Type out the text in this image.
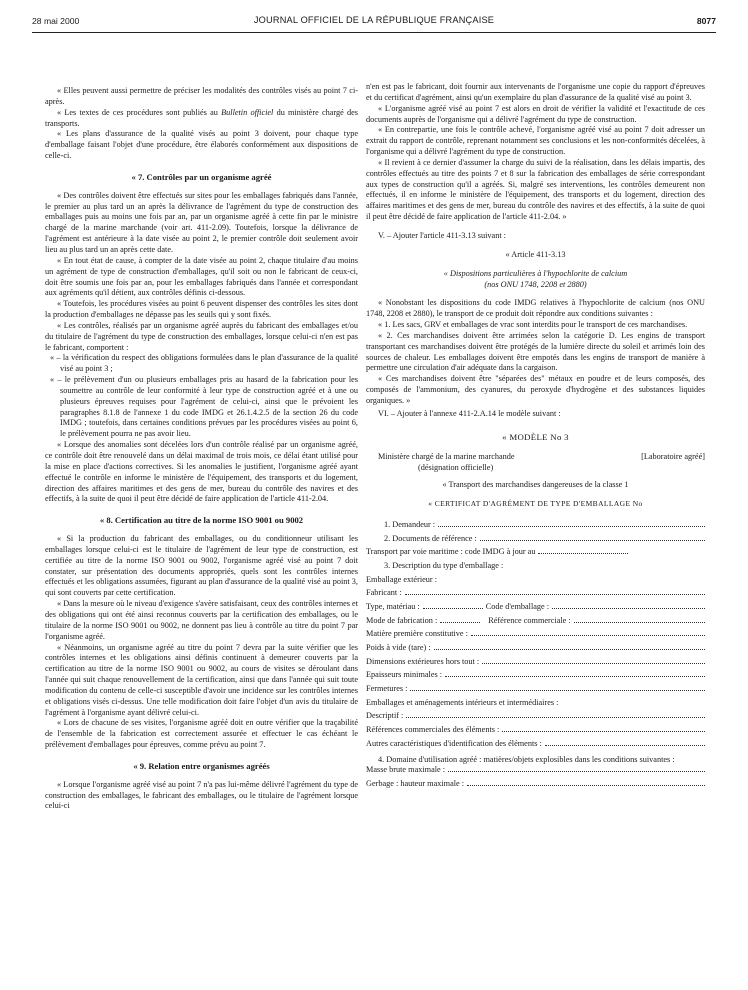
28 mai 2000	JOURNAL OFFICIEL DE LA RÉPUBLIQUE FRANÇAISE	8077

« Elles peuvent aussi permettre de préciser les modalités des contrôles visés au point 7 ci-après.

« Les textes de ces procédures sont publiés au Bulletin officiel du ministère chargé des transports.

« Les plans d'assurance de la qualité visés au point 3 doivent, pour chaque type d'emballage faisant l'objet d'une procédure, être élaborés conformément aux dispositions de celle-ci.

« 7. Contrôles par un organisme agréé

« Des contrôles doivent être effectués sur sites pour les emballages fabriqués dans l'année, le premier au plus tard un an après la délivrance de l'agrément du type de construction des emballages puis au moins une fois par an, par un organisme agréé à cette fin par le ministre chargé de la marine marchande (voir art. 411-2.09). Toutefois, lorsque la délivrance de l'agrément est antérieure à la date visée au point 2, le premier contrôle doit seulement avoir lieu au plus tard un an après cette date.

« En tout état de cause, à compter de la date visée au point 2, chaque titulaire d'au moins un agrément de type de construction d'emballages, qu'il soit ou non le fabricant de ceux-ci, doit être soumis une fois par an, pour les emballages fabriqués dans l'année et correspondant aux agréments qu'il détient, aux contrôles définis ci-dessous.

« Toutefois, les procédures visées au point 6 peuvent dispenser des contrôles les sites dont la production d'emballages ne dépasse pas les seuils qui y sont fixés.

« Les contrôles, réalisés par un organisme agréé auprès du fabricant des emballages et/ou du titulaire de l'agrément du type de construction des emballages, lorsque celui-ci n'en est pas le fabricant, comportent :

« – la vérification du respect des obligations formulées dans le plan d'assurance de la qualité visé au point 3 ;

« – le prélèvement d'un ou plusieurs emballages pris au hasard de la fabrication pour les soumettre au contrôle de leur conformité à leur type de construction agréé et à une ou plusieurs épreuves requises pour l'agrément de celui-ci, ainsi que le prévoient les paragraphes 8.1.8 de l'annexe 1 du code IMDG et 26.1.4.2.5 de la section 26 du code IMDG ; toutefois, dans certaines conditions prévues par les procédures visées au point 6, le prélèvement pourra ne pas avoir lieu.

« Lorsque des anomalies sont décelées lors d'un contrôle réalisé par un organisme agréé, ce contrôle doit être renouvelé dans un délai maximal de trois mois, ce délai étant utilisé pour la mise en place d'actions correctives. Si les anomalies le justifient, l'organisme agréé ayant effectué le contrôle en informe le ministère de l'équipement, des transports et du logement, direction des affaires maritimes et des gens de mer, bureau du contrôle des navires et des effectifs, à la suite de quoi il peut être décidé de faire application de l'article 411-2.04.

« 8. Certification au titre de la norme ISO 9001 ou 9002

« Si la production du fabricant des emballages, ou du conditionneur utilisant les emballages lorsque celui-ci est le titulaire de l'agrément de leur type de construction, est certifiée au titre de la norme ISO 9001 ou 9002, l'organisme agréé visé au point 7 doit constater, sur présentation des documents appropriés, quels sont les contrôles internes effectués et les obligations assumées, figurant au plan d'assurance de la qualité visé au point 3, qui sont couverts par cette certification.

« Dans la mesure où le niveau d'exigence s'avère satisfaisant, ceux des contrôles internes et des obligations qui ont été ainsi reconnus couverts par la certification des emballages, ou le titulaire de la norme ISO 9001 ou 9002, ne donnent pas lieu à contrôle au titre du point 7 par l'organisme agréé.

« Néanmoins, un organisme agréé au titre du point 7 devra par la suite vérifier que les contrôles internes et les obligations ainsi définis continuent à demeurer couverts par la certification au titre de la norme ISO 9001 ou 9002, au cours de visites se déroulant dans l'année qui suit chaque renouvellement de la certification, ainsi que dans l'année qui suit toute modification du contenu de celle-ci susceptible d'avoir une incidence sur les contrôles internes et obligations visés ci-dessus. Une telle modification doit faire l'objet d'un avis du titulaire de l'agrément à l'organisme ayant délivré celui-ci.

« Lors de chacune de ses visites, l'organisme agréé doit en outre vérifier que la traçabilité de l'ensemble de la fabrication est correctement assurée et effectuer le cas échéant le prélèvement d'emballages pour épreuves, comme prévu au point 7.

« 9. Relation entre organismes agréés

« Lorsque l'organisme agréé visé au point 7 n'a pas lui-même délivré l'agrément du type de construction des emballages, le fabricant des emballages, ou le titulaire de l'agrément lorsque celui-ci

n'en est pas le fabricant, doit fournir aux intervenants de l'organisme une copie du rapport d'épreuves et du certificat d'agrément, ainsi qu'un exemplaire du plan d'assurance de la qualité visé au point 3.

« L'organisme agréé visé au point 7 est alors en droit de vérifier la validité et l'exactitude de ces documents auprès de l'organisme qui a délivré l'agrément du type de construction.

« En contrepartie, une fois le contrôle achevé, l'organisme agréé visé au point 7 doit adresser un extrait du rapport de contrôle, reprenant notamment ses conclusions et les non-conformités décelées, à l'organisme qui a délivré l'agrément du type de construction.

« Il revient à ce dernier d'assumer la charge du suivi de la réalisation, dans les délais impartis, des contrôles effectués au titre des points 7 et 8 sur la fabrication des emballages de série correspondant aux types de construction qu'il a agréés. Si, malgré ses interventions, les contrôles demeurent non effectués, il en informe le ministère de l'équipement, des transports et du logement, direction des affaires maritimes et des gens de mer, bureau du contrôle des navires et des effectifs, à la suite de quoi il peut être décidé de faire application de l'article 411-2.04. »

V. – Ajouter l'article 411-3.13 suivant :

« Article 411-3.13

« Dispositions particulières à l'hypochlorite de calcium

(nos ONU 1748, 2208 et 2880)

« Nonobstant les dispositions du code IMDG relatives à l'hypochlorite de calcium (nos ONU 1748, 2208 et 2880), le transport de ce produit doit répondre aux conditions suivantes :

« 1. Les sacs, GRV et emballages de vrac sont interdits pour le transport de ces marchandises.

« 2. Ces marchandises doivent être arrimées selon la catégorie D. Les engins de transport transportant ces marchandises doivent être protégés de la lumière directe du soleil et arrimés loin des sources de chaleur. Les emballages doivent être empotés dans les engins de transport de manière à permettre une circulation d'air adéquate dans la cargaison.

« Ces marchandises doivent être "séparées des" métaux en poudre et de leurs composés, des composés de l'ammonium, des cyanures, du peroxyde d'hydrogène et des substances liquides organiques. »

VI. – Ajouter à l'annexe 411-2.A.14 le modèle suivant :

« MODÈLE No 3

Ministère chargé de la marine marchande	[Laboratoire agréé]

(désignation officielle)

« Transport des marchandises dangereuses de la classe 1

« CERTIFICAT D'AGRÉMENT DE TYPE D'EMBALLAGE No

1. Demandeur :
2. Documents de référence :
Transport par voie maritime : code IMDG à jour au
3. Description du type d'emballage :
Emballage extérieur :
Fabricant :
Type, matériau :	Code d'emballage :
Mode de fabrication :	Référence commerciale :
Matière première constitutive :
Poids à vide (tare) :
Dimensions extérieures hors tout :
Epaisseurs minimales :
Fermetures :
Emballages et aménagements intérieurs et intermédiaires :
Descriptif :
Références commerciales des éléments :
Autres caractéristiques d'identification des éléments :

4. Domaine d'utilisation agréé : matières/objets explosibles dans les conditions suivantes :

Masse brute maximale :
Gerbage : hauteur maximale :
